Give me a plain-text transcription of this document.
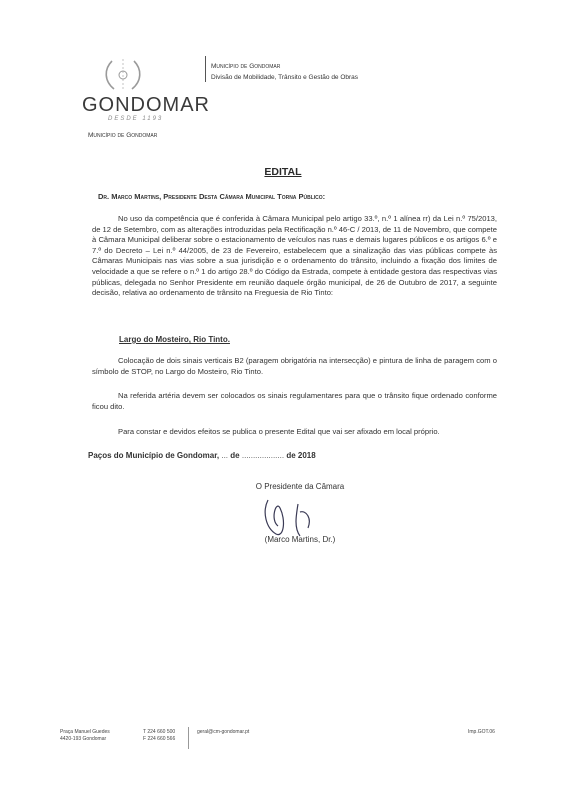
GONDOMAR
DESDE 1193
Município de Gondomar
Município de Gondomar
Divisão de Mobilidade, Trânsito e Gestão de Obras
EDITAL
Dr. Marco Martins, Presidente Desta Câmara Municipal Torna Público:
No uso da competência que é conferida à Câmara Municipal pelo artigo 33.º, n.º 1 alínea rr) da Lei n.º 75/2013, de 12 de Setembro, com as alterações introduzidas pela Rectificação n.º 46-C / 2013, de 11 de Novembro, que compete à Câmara Municipal deliberar sobre o estacionamento de veículos nas ruas e demais lugares públicos e os artigos 6.º e 7.º do Decreto – Lei n.º 44/2005, de 23 de Fevereiro, estabelecem que a sinalização das vias públicas compete às Câmaras Municipais nas vias sobre a sua jurisdição e o ordenamento do trânsito, incluindo a fixação dos limites de velocidade a que se refere o n.º 1 do artigo 28.º do Código da Estrada, compete à entidade gestora das respectivas vias públicas, delegada no Senhor Presidente em reunião daquele órgão municipal, de 26 de Outubro de 2017, a seguinte decisão, relativa ao ordenamento de trânsito na Freguesia de Rio Tinto:
Largo do Mosteiro, Rio Tinto.
Colocação de dois sinais verticais B2 (paragem obrigatória na intersecção) e pintura de linha de paragem com o símbolo de STOP, no Largo do Mosteiro, Rio Tinto.
Na referida artéria devem ser colocados os sinais regulamentares para que o trânsito fique ordenado conforme ficou dito.
Para constar e devidos efeitos se publica o presente Edital que vai ser afixado em local próprio.
Paços do Município de Gondomar, ... de ................... de 2018
O Presidente da Câmara
(Marco Martins, Dr.)
Praça Manuel Guedes
4420-193 Gondomar
T 224 660 500
F 224 660 566
geral@cm-gondomar.pt	Imp.GOT.06
